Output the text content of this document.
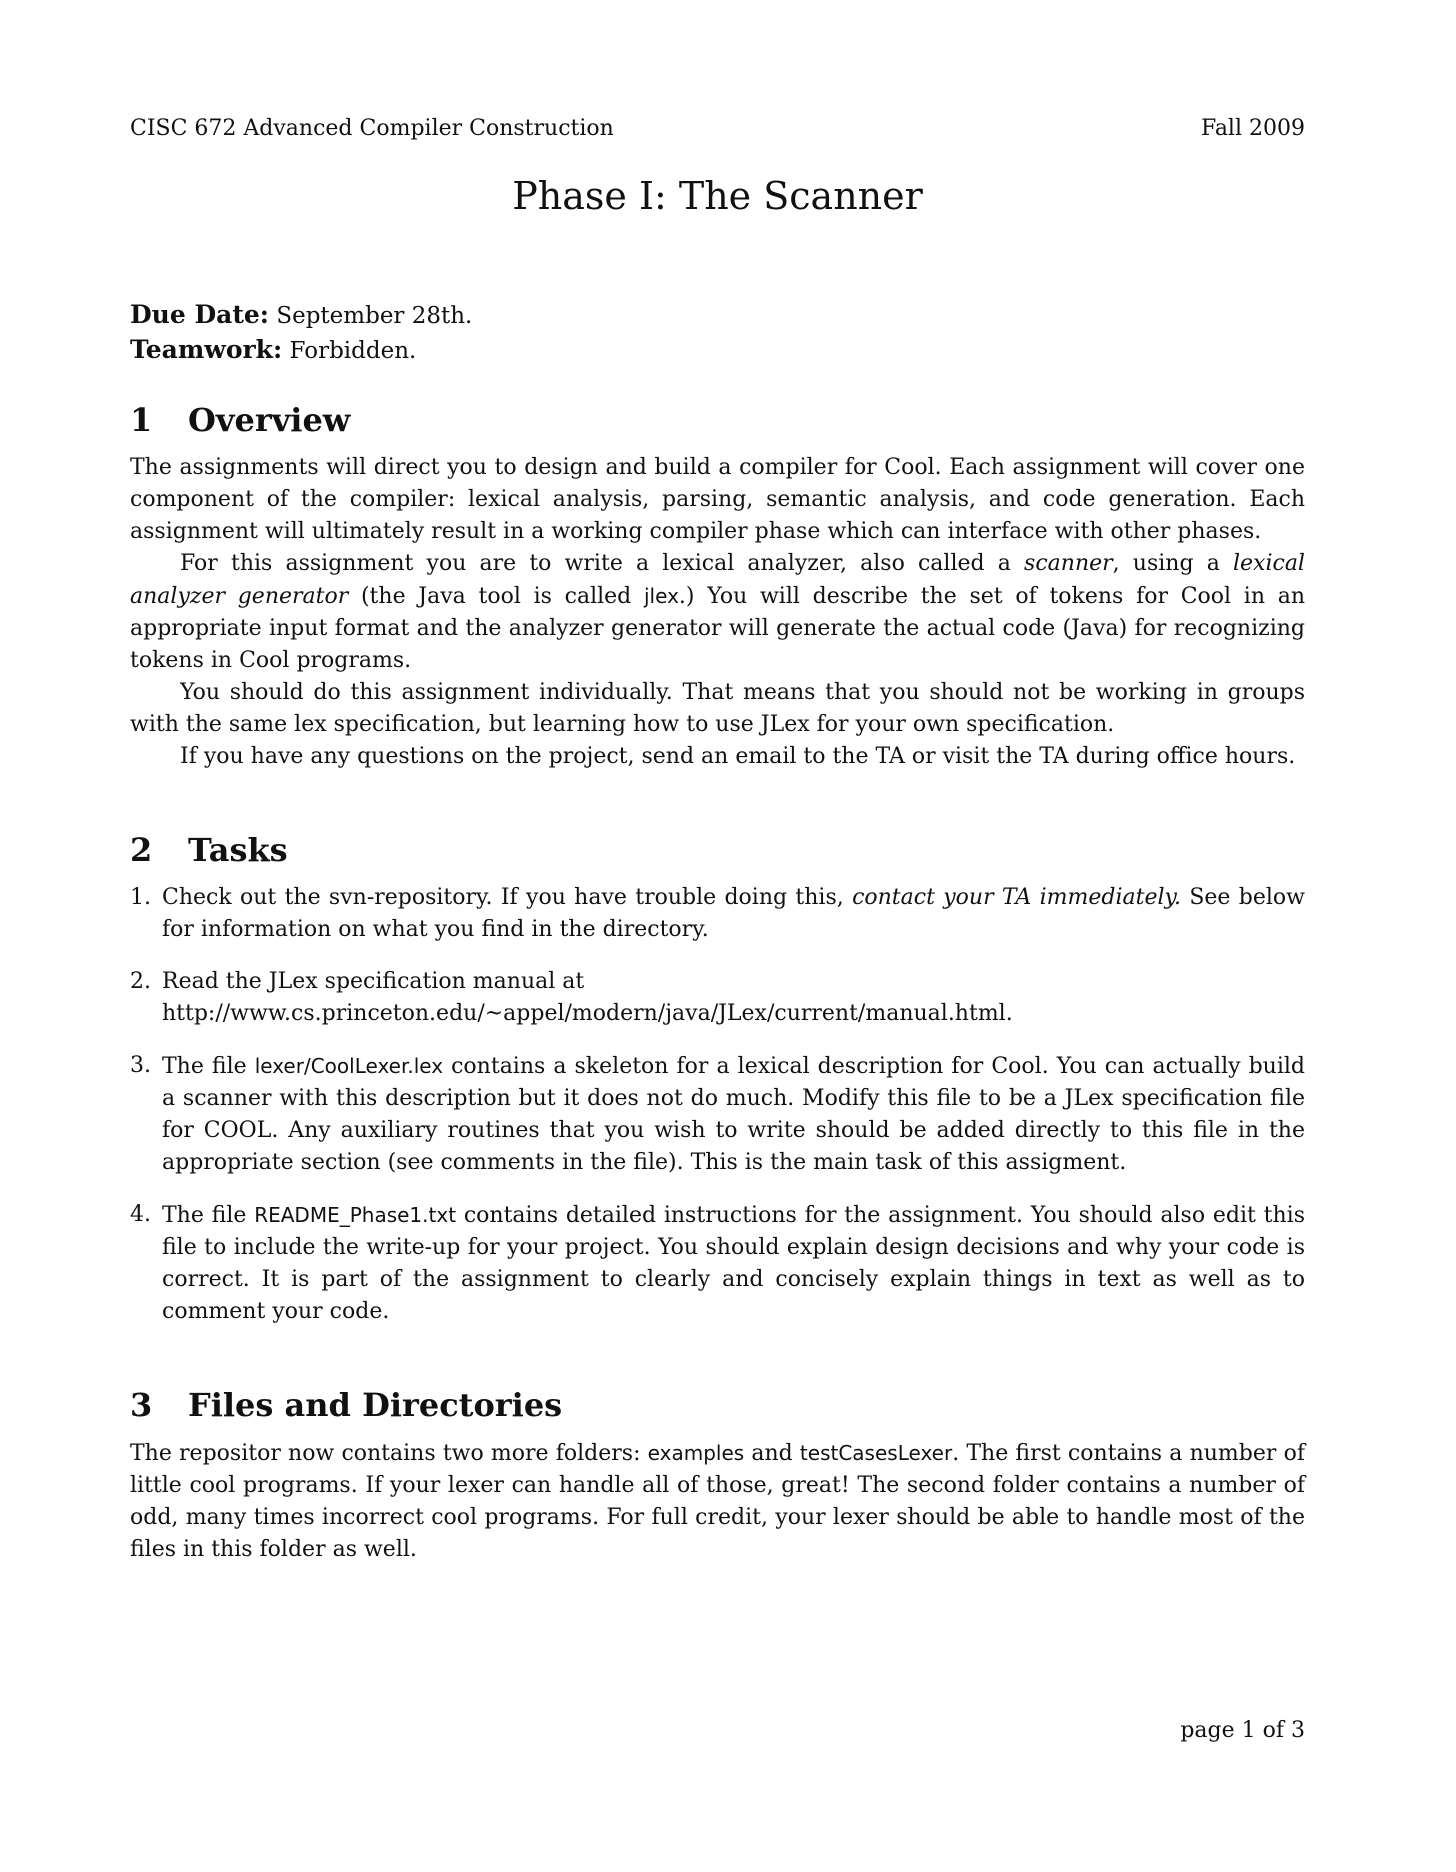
CISC 672 Advanced Compiler Construction	Fall 2009
Phase I: The Scanner
Due Date: September 28th.
Teamwork: Forbidden.
1 Overview

The assignments will direct you to design and build a compiler for Cool. Each assignment will cover one component of the compiler: lexical analysis, parsing, semantic analysis, and code generation. Each assignment will ultimately result in a working compiler phase which can interface with other phases.

For this assignment you are to write a lexical analyzer, also called a scanner, using a lexical analyzer generator (the Java tool is called jlex.) You will describe the set of tokens for Cool in an appropriate input format and the analyzer generator will generate the actual code (Java) for recognizing tokens in Cool programs.

You should do this assignment individually. That means that you should not be working in groups with the same lex specification, but learning how to use JLex for your own specification.

If you have any questions on the project, send an email to the TA or visit the TA during office hours.

2 Tasks
1. Check out the svn-repository. If you have trouble doing this, contact your TA immediately. See below for information on what you find in the directory.
2. Read the JLex specification manual at
http://www.cs.princeton.edu/~appel/modern/java/JLex/current/manual.html.
3. The file lexer/CoolLexer.lex contains a skeleton for a lexical description for Cool. You can actually build a scanner with this description but it does not do much. Modify this file to be a JLex specification file for COOL. Any auxiliary routines that you wish to write should be added directly to this file in the appropriate section (see comments in the file). This is the main task of this assigment.
4. The file README_Phase1.txt contains detailed instructions for the assignment. You should also edit this file to include the write-up for your project. You should explain design decisions and why your code is correct. It is part of the assignment to clearly and concisely explain things in text as well as to comment your code.
3 Files and Directories

The repositor now contains two more folders: examples and testCasesLexer. The first contains a number of little cool programs. If your lexer can handle all of those, great! The second folder contains a number of odd, many times incorrect cool programs. For full credit, your lexer should be able to handle most of the files in this folder as well.

page 1 of 3
